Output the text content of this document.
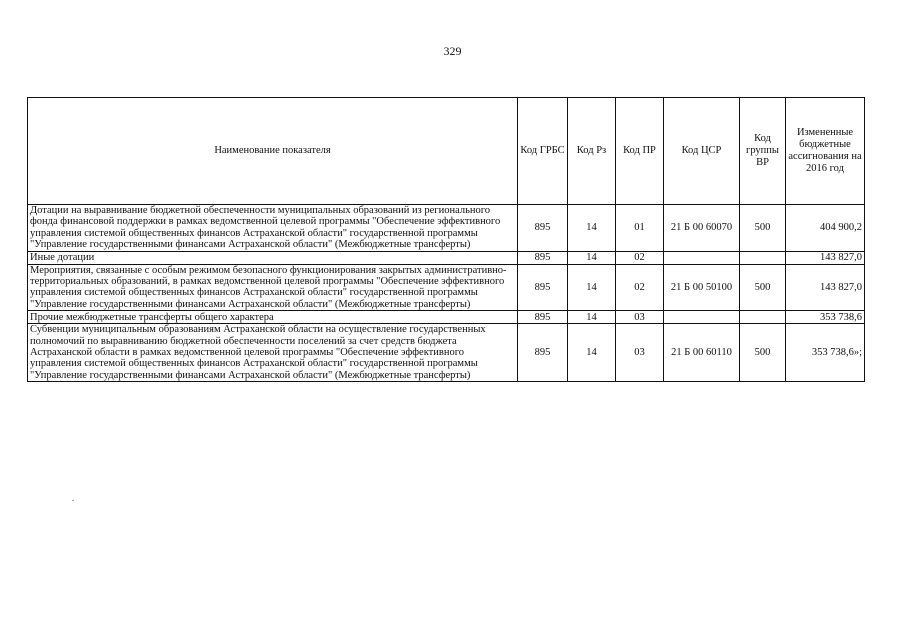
329
Наименование показателя	Код ГРБС	Код Рз	Код ПР	Код ЦСР	Код группы ВР	Измененные бюджетные ассигнования на 2016 год
Дотации на выравнивание бюджетной обеспеченности муниципальных образований из регионального фонда финансовой поддержки в рамках ведомственной целевой программы "Обеспечение эффективного управления системой общественных финансов Астраханской области" государственной программы "Управление государственными финансами Астраханской области" (Межбюджетные трансферты)	895	14	01	21 Б 00 60070	500	404 900,2
Иные дотации	895	14	02			143 827,0
Мероприятия, связанные с особым режимом безопасного функционирования закрытых административно-территориальных образований, в рамках ведомственной целевой программы "Обеспечение эффективного управления системой общественных финансов Астраханской области" государственной программы "Управление государственными финансами Астраханской области" (Межбюджетные трансферты)	895	14	02	21 Б 00 50100	500	143 827,0
Прочие межбюджетные трансферты общего характера	895	14	03			353 738,6
Субвенции муниципальным образованиям Астраханской области на осуществление государственных полномочий по выравниванию бюджетной обеспеченности поселений за счет средств бюджета Астраханской области в рамках ведомственной целевой программы "Обеспечение эффективного управления системой общественных финансов Астраханской области" государственной программы "Управление государственными финансами Астраханской области" (Межбюджетные трансферты)	895	14	03	21 Б 00 60110	500	353 738,6»;
